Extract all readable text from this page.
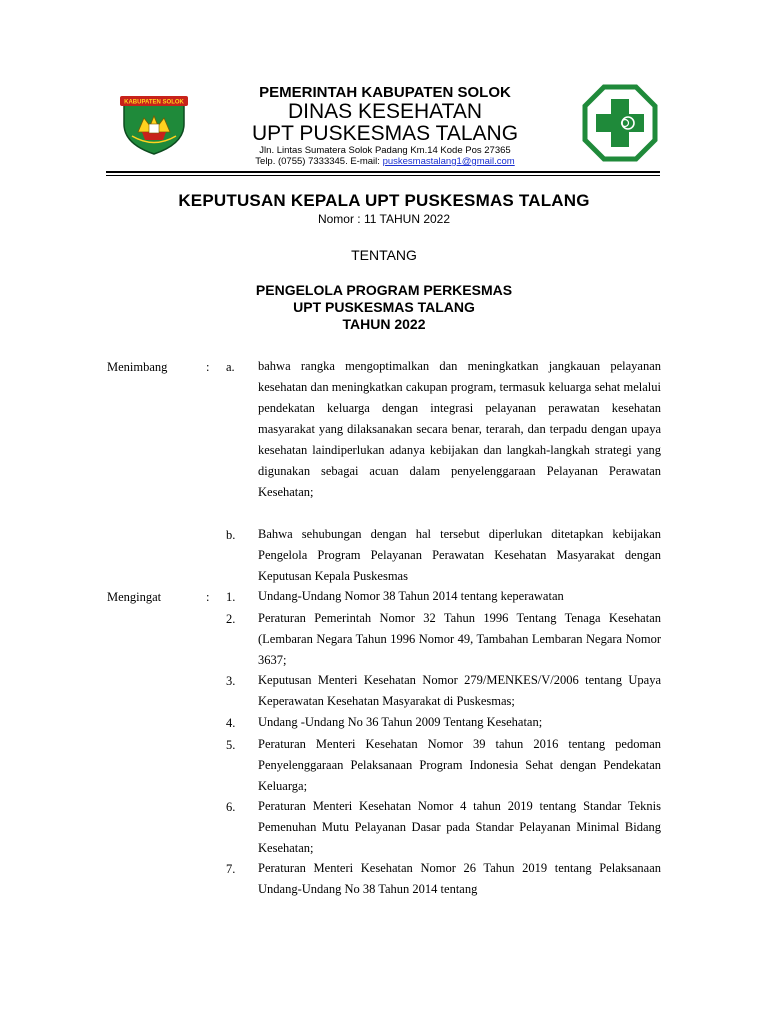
KABUPATEN SOLOK
PEMERINTAH KABUPATEN SOLOK
DINAS KESEHATAN
UPT PUSKESMAS TALANG
Jln. Lintas Sumatera Solok Padang Km.14 Kode Pos 27365
Telp. (0755) 7333345. E-mail: puskesmastalang1@gmail.com
KEPUTUSAN KEPALA UPT PUSKESMAS TALANG
Nomor : 11 TAHUN 2022
TENTANG
PENGELOLA PROGRAM PERKESMAS
UPT PUSKESMAS TALANG
TAHUN 2022
Menimbang	: a.	bahwa rangka mengoptimalkan dan meningkatkan jangkauan pelayanan kesehatan dan meningkatkan cakupan program, termasuk keluarga sehat melalui pendekatan keluarga dengan integrasi pelayanan perawatan kesehatan masyarakat yang dilaksanakan secara benar, terarah, dan terpadu dengan upaya kesehatan laindiperlukan adanya kebijakan dan langkah-langkah strategi yang digunakan sebagai acuan dalam penyelenggaraan Pelayanan Perawatan Kesehatan;
b.	Bahwa sehubungan dengan hal tersebut diperlukan ditetapkan kebijakan Pengelola Program Pelayanan Perawatan Kesehatan Masyarakat dengan Keputusan Kepala Puskesmas
Mengingat	: 1.	Undang-Undang Nomor 38 Tahun 2014 tentang keperawatan
2.	Peraturan Pemerintah Nomor 32 Tahun 1996 Tentang Tenaga Kesehatan (Lembaran Negara Tahun 1996 Nomor 49, Tambahan Lembaran Negara Nomor 3637;
3.	Keputusan Menteri Kesehatan Nomor 279/MENKES/V/2006 tentang Upaya Keperawatan Kesehatan Masyarakat di Puskesmas;
4.	Undang -Undang No 36 Tahun 2009 Tentang Kesehatan;
5.	Peraturan Menteri Kesehatan Nomor 39 tahun 2016 tentang pedoman Penyelenggaraan Pelaksanaan Program Indonesia Sehat dengan Pendekatan Keluarga;
6.	Peraturan Menteri Kesehatan Nomor 4 tahun 2019 tentang Standar Teknis Pemenuhan Mutu Pelayanan Dasar pada Standar Pelayanan Minimal Bidang Kesehatan;
7.	Peraturan Menteri Kesehatan Nomor 26 Tahun 2019 tentang Pelaksanaan Undang-Undang No 38 Tahun 2014 tentang
